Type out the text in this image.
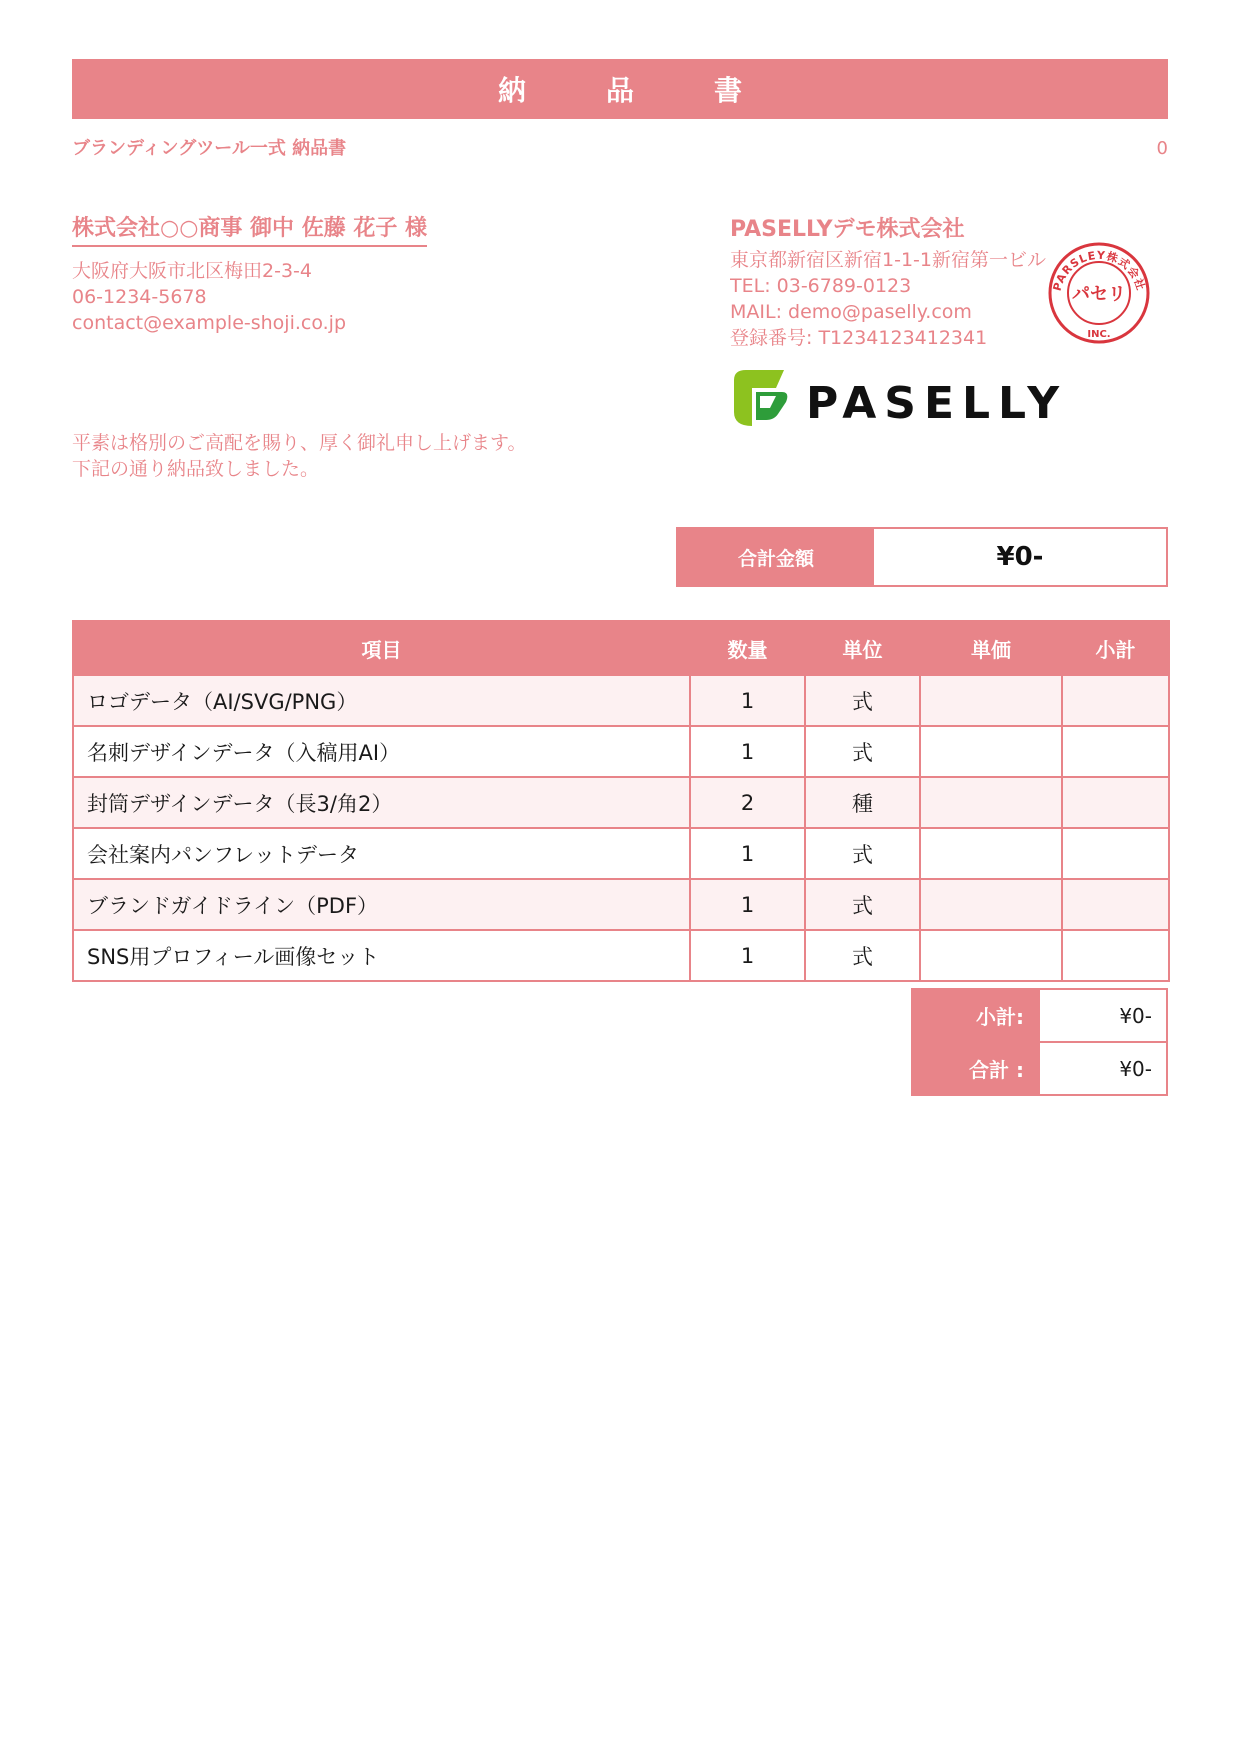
納　品　書
ブランディングツール一式 納品書	0
株式会社○○商事 御中 佐藤 花子 様
大阪府大阪市北区梅田2-3-4
06-1234-5678
contact@example-shoji.co.jp
平素は格別のご高配を賜り、厚く御礼申し上げます。
下記の通り納品致しました。
PASELLYデモ株式会社
東京都新宿区新宿1-1-1新宿第一ビル
TEL: 03-6789-0123
MAIL: demo@paselly.com
登録番号: T1234123412341
PARSLEY株式会社
パセリ
INC.
PASELLY
合計金額	¥0-
項目	数量	単位	単価	小計
ロゴデータ（AI/SVG/PNG）	1	式		
名刺デザインデータ（入稿用AI）	1	式		
封筒デザインデータ（長3/角2）	2	種		
会社案内パンフレットデータ	1	式		
ブランドガイドライン（PDF）	1	式		
SNS用プロフィール画像セット	1	式		
小計:	¥0-
合計 :	¥0-
